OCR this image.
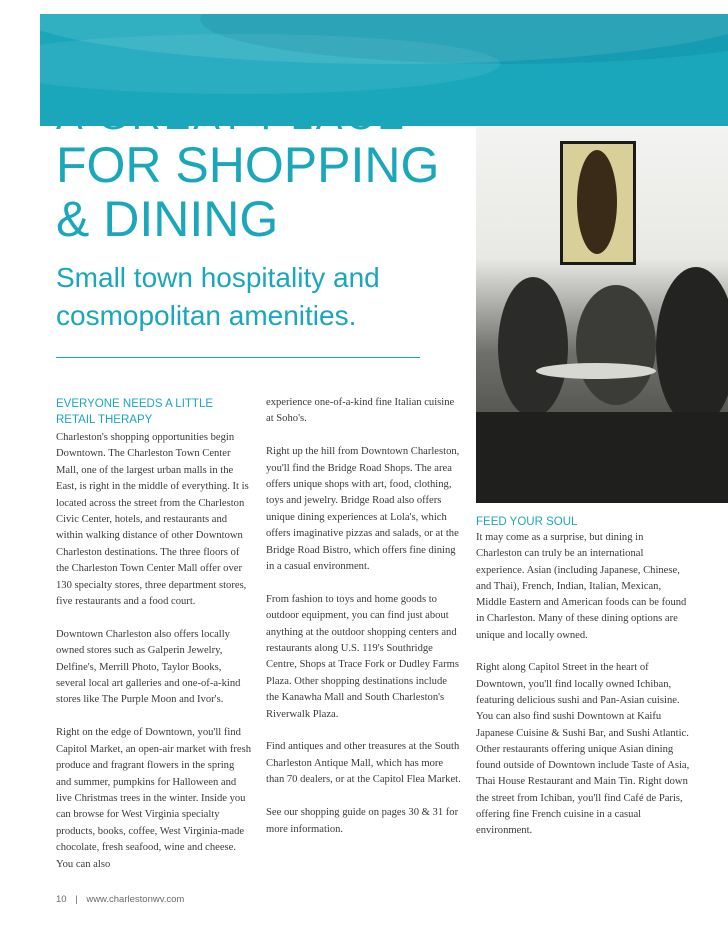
A GREAT PLACE
FOR SHOPPING
& DINING
Small town hospitality and cosmopolitan amenities.
EVERYONE NEEDS A LITTLE RETAIL THERAPY

Charleston's shopping opportunities begin Downtown. The Charleston Town Center Mall, one of the largest urban malls in the East, is right in the middle of everything. It is located across the street from the Charleston Civic Center, hotels, and restaurants and within walking distance of other Downtown Charleston destinations. The three floors of the Charleston Town Center Mall offer over 130 specialty stores, three department stores, five restaurants and a food court.

Downtown Charleston also offers locally owned stores such as Galperin Jewelry, Delfine's, Merrill Photo, Taylor Books, several local art galleries and one-of-a-kind stores like The Purple Moon and Ivor's.

Right on the edge of Downtown, you'll find Capitol Market, an open-air market with fresh produce and fragrant flowers in the spring and summer, pumpkins for Halloween and live Christmas trees in the winter. Inside you can browse for West Virginia specialty products, books, coffee, West Virginia-made chocolate, fresh seafood, wine and cheese. You can also

experience one-of-a-kind fine Italian cuisine at Soho's.

Right up the hill from Downtown Charleston, you'll find the Bridge Road Shops. The area offers unique shops with art, food, clothing, toys and jewelry. Bridge Road also offers unique dining experiences at Lola's, which offers imaginative pizzas and salads, or at the Bridge Road Bistro, which offers fine dining in a casual environment.

From fashion to toys and home goods to outdoor equipment, you can find just about anything at the outdoor shopping centers and restaurants along U.S. 119's Southridge Centre, Shops at Trace Fork or Dudley Farms Plaza. Other shopping destinations include the Kanawha Mall and South Charleston's Riverwalk Plaza.

Find antiques and other treasures at the South Charleston Antique Mall, which has more than 70 dealers, or at the Capitol Flea Market.

See our shopping guide on pages 30 & 31 for more information.

FEED YOUR SOUL

It may come as a surprise, but dining in Charleston can truly be an international experience. Asian (including Japanese, Chinese, and Thai), French, Indian, Italian, Mexican, Middle Eastern and American foods can be found in Charleston. Many of these dining options are unique and locally owned.

Right along Capitol Street in the heart of Downtown, you'll find locally owned Ichiban, featuring delicious sushi and Pan-Asian cuisine. You can also find sushi Downtown at Kaifu Japanese Cuisine & Sushi Bar, and Sushi Atlantic. Other restaurants offering unique Asian dining found outside of Downtown include Taste of Asia, Thai House Restaurant and Main Tin. Right down the street from Ichiban, you'll find Café de Paris, offering fine French cuisine in a casual environment.

10 | www.charlestonwv.com
